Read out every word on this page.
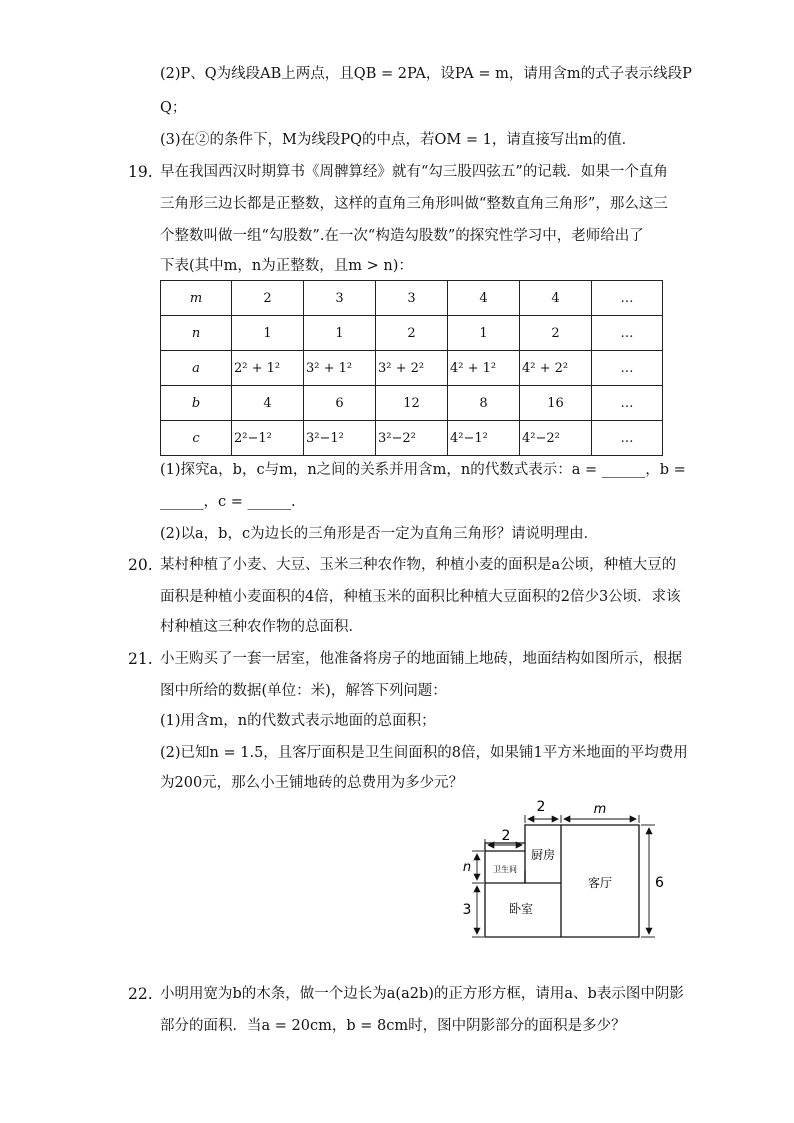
(2)P、Q为线段AB上两点，且QB = 2PA，设PA = m，请用含m的式子表示线段P
Q；
(3)在②的条件下，M为线段PQ的中点，若OM = 1，请直接写出m的值．
19. 早在我国西汉时期算书《周髀算经》就有“勾三股四弦五”的记载．如果一个直角
三角形三边长都是正整数，这样的直角三角形叫做“整数直角三角形”，那么这三
个整数叫做一组“勾股数”.在一次“构造勾股数”的探究性学习中，老师给出了
下表(其中m，n为正整数，且m > n)：
m	2	3	3	4	4	…
n	1	1	2	1	2	…
a	2² + 1²	3² + 1²	3² + 2²	4² + 1²	4² + 2²	…
b	4	6	12	8	16	…
c	2²−1²	3²−1²	3²−2²	4²−1²	4²−2²	…
(1)探究a，b，c与m，n之间的关系并用含m，n的代数式表示：a = ______，b =
______，c = ______.
(2)以a，b，c为边长的三角形是否一定为直角三角形？请说明理由．
20. 某村种植了小麦、大豆、玉米三种农作物，种植小麦的面积是a公顷，种植大豆的
面积是种植小麦面积的4倍，种植玉米的面积比种植大豆面积的2倍少3公顷．求该
村种植这三种农作物的总面积．
21. 小王购买了一套一居室，他准备将房子的地面铺上地砖，地面结构如图所示，根据
图中所给的数据(单位：米)，解答下列问题：
(1)用含m，n的代数式表示地面的总面积；
(2)已知n = 1.5，且客厅面积是卫生间面积的8倍，如果铺1平方米地面的平均费用
为200元，那么小王铺地砖的总费用为多少元？
2	m
2
n
3
6
厨房
卫生间
卧室
客厅
22. 小明用宽为b的木条，做一个边长为a(a2b)的正方形方框，请用a、b表示图中阴影
部分的面积．当a = 20cm，b = 8cm时，图中阴影部分的面积是多少？
